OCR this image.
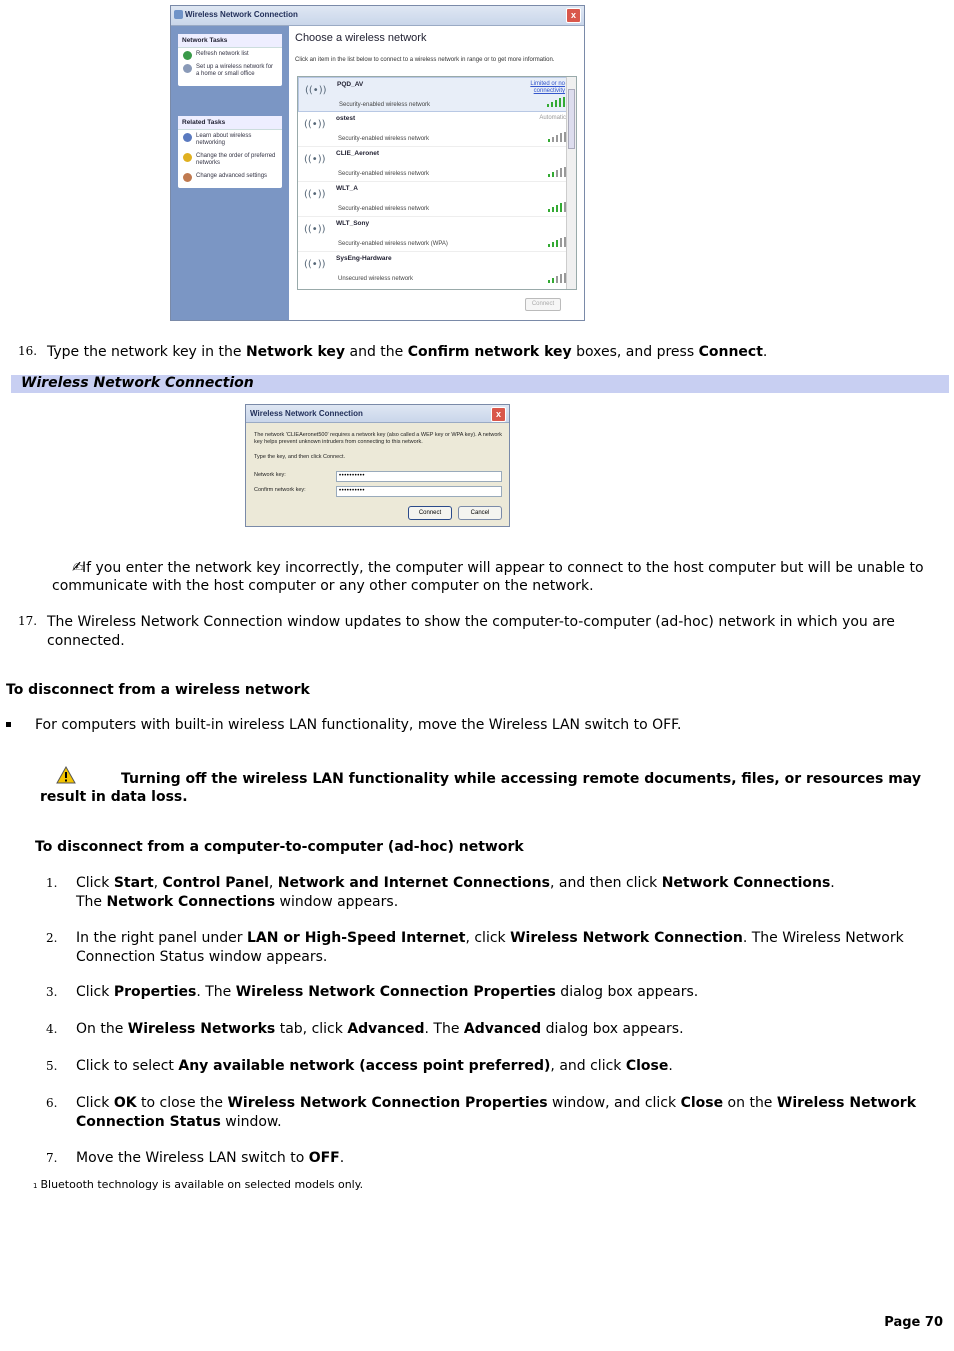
Wireless Network Connection	x
Network Tasks
Refresh network list
Set up a wireless network for a home or small office
Related Tasks
Learn about wireless networking
Change the order of preferred networks
Change advanced settings
Choose a wireless network
Click an item in the list below to connect to a wireless network in range or to get more information.
((•))
PQD_AV
Security-enabled wireless network
Limited or no connectivity
((•))
ostest
Security-enabled wireless network
Automatic
((•))
CLIE_Aeronet
Security-enabled wireless network
((•))
WLT_A
Security-enabled wireless network
((•))
WLT_Sony
Security-enabled wireless network (WPA)
((•))
SysEng-Hardware
Unsecured wireless network
Connect
16. Type the network key in the Network key and the Confirm network key boxes, and press Connect.
Wireless Network Connection
Wireless Network Connection	x
The network 'CLIEAeronet500' requires a network key (also called a WEP key or WPA key). A network key helps prevent unknown intruders from connecting to this network.
Type the key, and then click Connect.
Network key:	••••••••••
Confirm network key:	••••••••••
Connect	Cancel
✍If you enter the network key incorrectly, the computer will appear to connect to the host computer but will be unable to communicate with the host computer or any other computer on the network.
17. The Wireless Network Connection window updates to show the computer-to-computer (ad-hoc) network in which you are connected.
To disconnect from a wireless network
For computers with built-in wireless LAN functionality, move the Wireless LAN switch to OFF.
Turning off the wireless LAN functionality while accessing remote documents, files, or resources may result in data loss.
To disconnect from a computer-to-computer (ad-hoc) network
1. Click Start, Control Panel, Network and Internet Connections, and then click Network Connections.
The Network Connections window appears.
2. In the right panel under LAN or High-Speed Internet, click Wireless Network Connection. The Wireless Network Connection Status window appears.
3. Click Properties. The Wireless Network Connection Properties dialog box appears.
4. On the Wireless Networks tab, click Advanced. The Advanced dialog box appears.
5. Click to select Any available network (access point preferred), and click Close.
6. Click OK to close the Wireless Network Connection Properties window, and click Close on the Wireless Network Connection Status window.
7. Move the Wireless LAN switch to OFF.
1 Bluetooth technology is available on selected models only.
Page 70
